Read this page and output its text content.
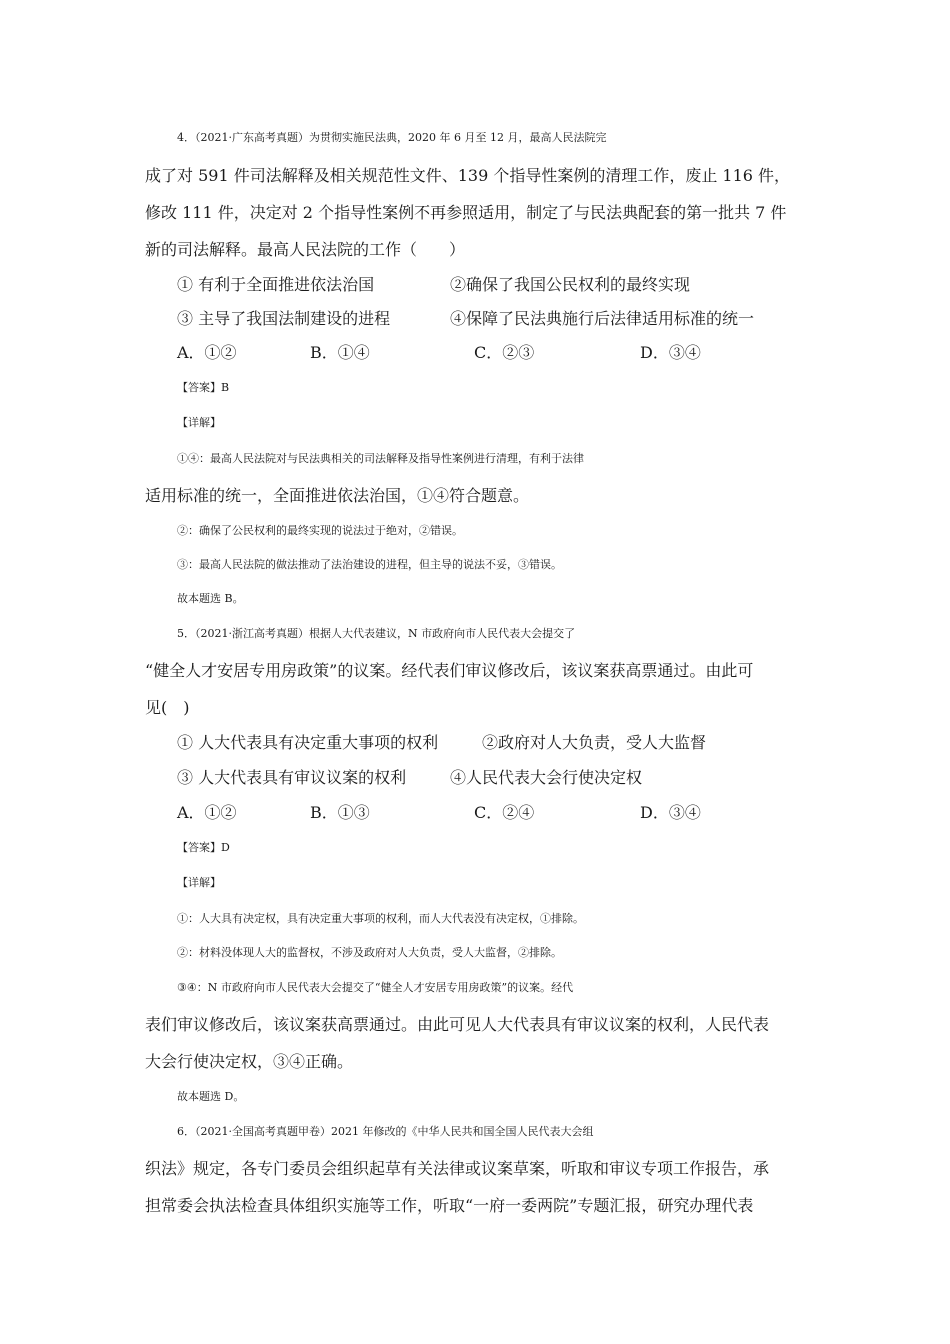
4．（2021·广东高考真题）为贯彻实施民法典，2020 年 6 月至 12 月，最高人民法院完
成了对 591 件司法解释及相关规范性文件、139 个指导性案例的清理工作，废止 116 件，
修改 111 件，决定对 2 个指导性案例不再参照适用，制定了与民法典配套的第一批共 7 件
新的司法解释。最高人民法院的工作（　　）
① 有利于全面推进依法治国	②确保了我国公民权利的最终实现
③ 主导了我国法制建设的进程	④保障了民法典施行后法律适用标准的统一
A．①②	B．①④	C．②③	D．③④
【答案】B
【详解】
①④：最高人民法院对与民法典相关的司法解释及指导性案例进行清理，有利于法律
适用标准的统一，全面推进依法治国，①④符合题意。
②：确保了公民权利的最终实现的说法过于绝对，②错误。
③：最高人民法院的做法推动了法治建设的进程，但主导的说法不妥，③错误。
故本题选 B。
5．（2021·浙江高考真题）根据人大代表建议，N 市政府向市人民代表大会提交了
“健全人才安居专用房政策”的议案。经代表们审议修改后，该议案获高票通过。由此可
见(　)
① 人大代表具有决定重大事项的权利	②政府对人大负责，受人大监督
③ 人大代表具有审议议案的权利	④人民代表大会行使决定权
A．①②	B．①③	C．②④	D．③④
【答案】D
【详解】
①：人大具有决定权，具有决定重大事项的权利，而人大代表没有决定权，①排除。
②：材料没体现人大的监督权，不涉及政府对人大负责，受人大监督，②排除。
③④：N 市政府向市人民代表大会提交了“健全人才安居专用房政策”的议案。经代
表们审议修改后，该议案获高票通过。由此可见人大代表具有审议议案的权利，人民代表
大会行使决定权，③④正确。
故本题选 D。
6．（2021·全国高考真题甲卷）2021 年修改的《中华人民共和国全国人民代表大会组
织法》规定，各专门委员会组织起草有关法律或议案草案，听取和审议专项工作报告，承
担常委会执法检查具体组织实施等工作，听取“一府一委两院”专题汇报，研究办理代表
